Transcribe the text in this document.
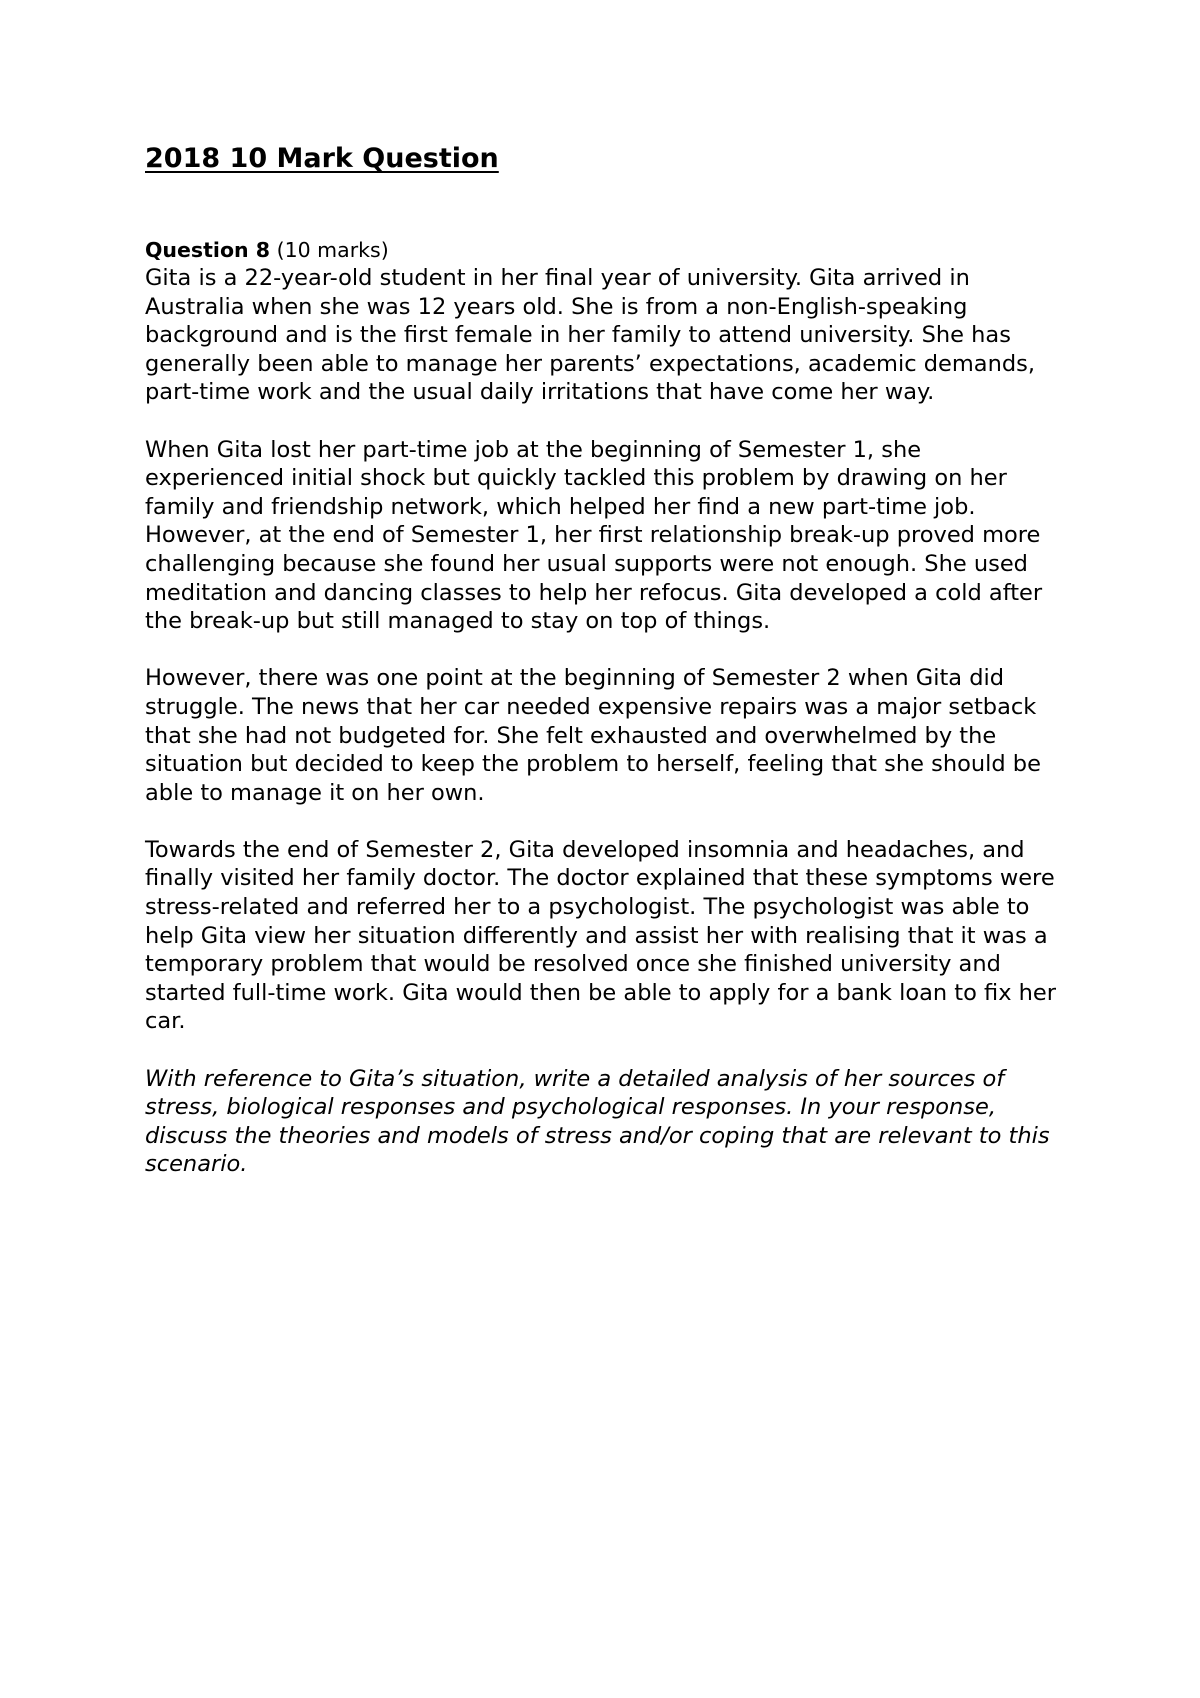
2018 10 Mark Question
Question 8 (10 marks)

Gita is a 22-year-old student in her final year of university. Gita arrived in Australia when she was 12 years old. She is from a non-English-speaking background and is the first female in her family to attend university. She has generally been able to manage her parents’ expectations, academic demands, part-time work and the usual daily irritations that have come her way.

When Gita lost her part-time job at the beginning of Semester 1, she experienced initial shock but quickly tackled this problem by drawing on her family and friendship network, which helped her find a new part-time job. However, at the end of Semester 1, her first relationship break-up proved more challenging because she found her usual supports were not enough. She used meditation and dancing classes to help her refocus. Gita developed a cold after the break-up but still managed to stay on top of things.

However, there was one point at the beginning of Semester 2 when Gita did struggle. The news that her car needed expensive repairs was a major setback that she had not budgeted for. She felt exhausted and overwhelmed by the situation but decided to keep the problem to herself, feeling that she should be able to manage it on her own.

Towards the end of Semester 2, Gita developed insomnia and headaches, and finally visited her family doctor. The doctor explained that these symptoms were stress-related and referred her to a psychologist. The psychologist was able to help Gita view her situation differently and assist her with realising that it was a temporary problem that would be resolved once she finished university and started full-time work. Gita would then be able to apply for a bank loan to fix her car.

With reference to Gita’s situation, write a detailed analysis of her sources of stress, biological responses and psychological responses. In your response, discuss the theories and models of stress and/or coping that are relevant to this scenario.
